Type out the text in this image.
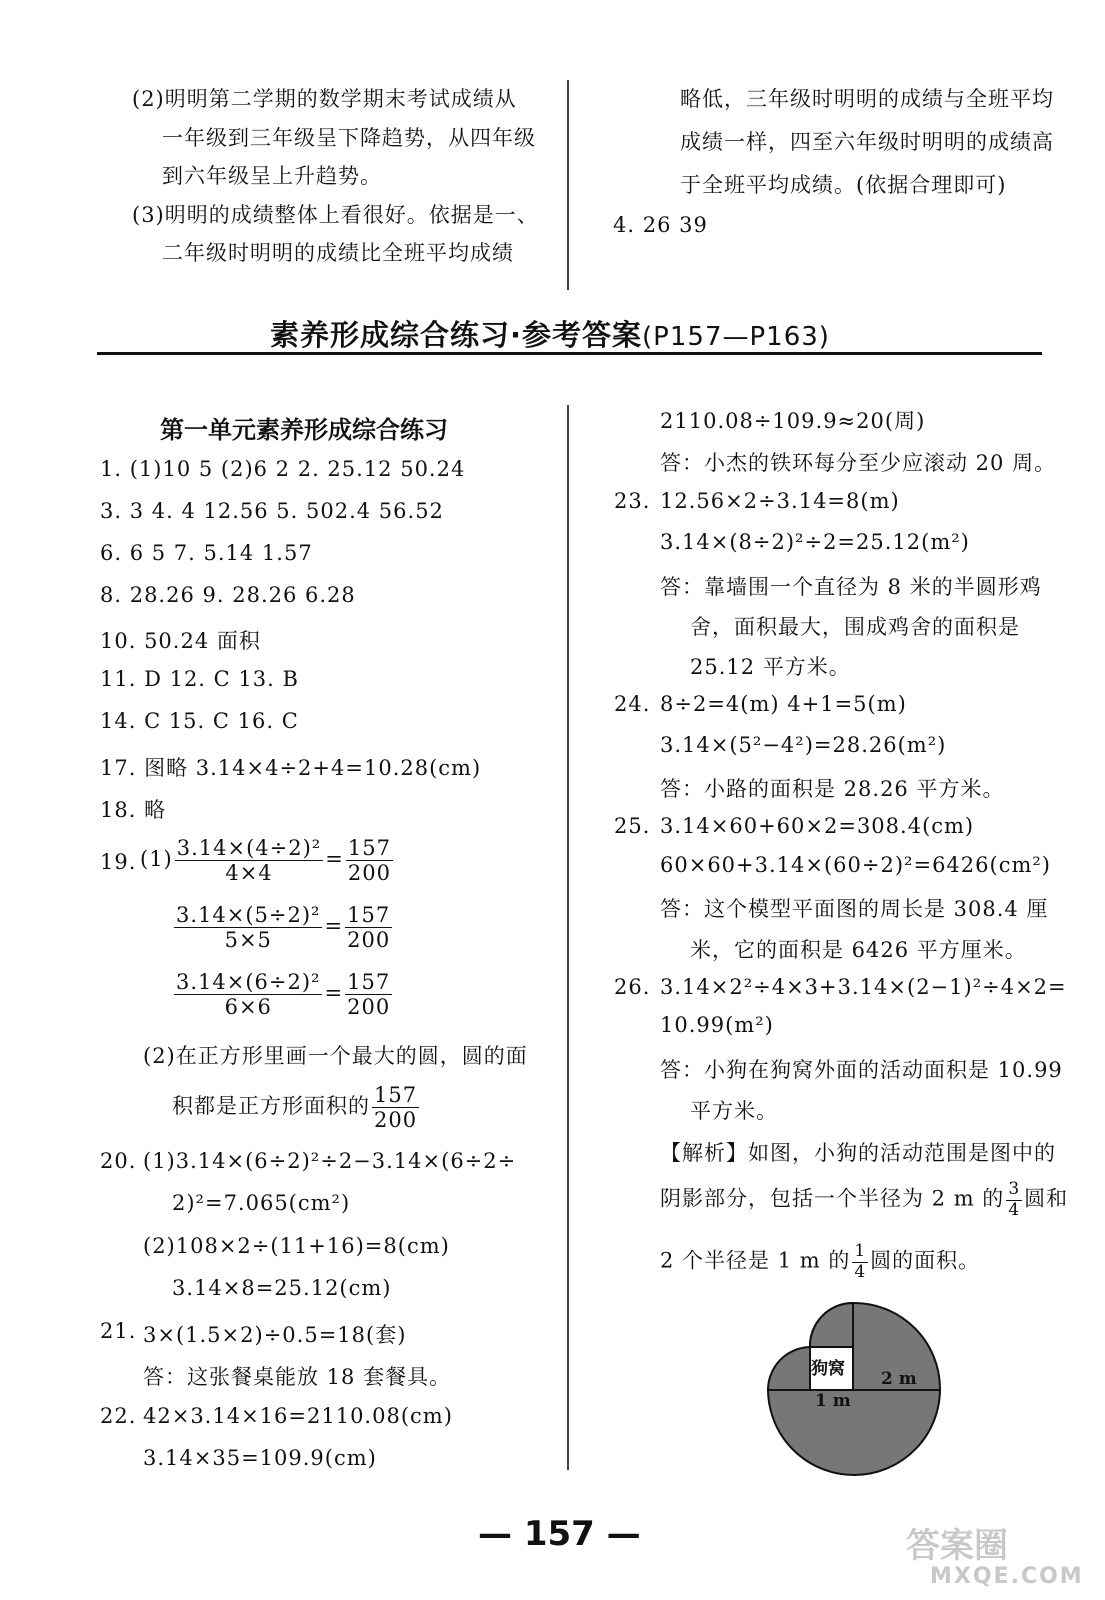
(2)明明第二学期的数学期末考试成绩从
一年级到三年级呈下降趋势，从四年级
到六年级呈上升趋势。
(3)明明的成绩整体上看很好。依据是一、
二年级时明明的成绩比全班平均成绩
略低，三年级时明明的成绩与全班平均
成绩一样，四至六年级时明明的成绩高
于全班平均成绩。(依据合理即可)
4. 26 39
素养形成综合练习·参考答案(P157—P163)
第一单元素养形成综合练习
1. (1)10 5 (2)6 2 2. 25.12 50.24
3. 3 4. 4 12.56 5. 502.4 56.52
6. 6 5 7. 5.14 1.57
8. 28.26 9. 28.26 6.28
10. 50.24 面积
11. D 12. C 13. B
14. C 15. C 16. C
17. 图略 3.14×4÷2+4=10.28(cm)
18. 略
19. $(1) \frac{\text{3.14×(4÷2)²}}{4\times 4} = \frac{157}{200}$
$\frac{\text{3.14×(5÷2)²}}{5\times 5} = \frac{157}{200}$
$\frac{\text{3.14×(6÷2)²}}{6\times 6} = \frac{157}{200}$
(2)在正方形里画一个最大的圆，圆的面
积都是正方形面积的 $\frac{157}{200}$
20. (1)3.14×(6÷2)²÷2−3.14×(6÷2÷
2)²=7.065(cm²)
(2)108×2÷(11+16)=8(cm)
3.14×8=25.12(cm)
21. 3×(1.5×2)÷0.5=18(套)
答：这张餐桌能放 18 套餐具。
22. 42×3.14×16=2110.08(cm)
3.14×35=109.9(cm)
2110.08÷109.9≈20(周)
答：小杰的铁环每分至少应滚动 20 周。
23. 12.56×2÷3.14=8(m)
3.14×(8÷2)²÷2=25.12(m²)
答：靠墙围一个直径为 8 米的半圆形鸡
舍，面积最大，围成鸡舍的面积是
25.12 平方米。
24. 8÷2=4(m) 4+1=5(m)
3.14×(5²−4²)=28.26(m²)
答：小路的面积是 28.26 平方米。
25. 3.14×60+60×2=308.4(cm)
60×60+3.14×(60÷2)²=6426(cm²)
答：这个模型平面图的周长是 308.4 厘
米，它的面积是 6426 平方厘米。
26. 3.14×2²÷4×3+3.14×(2−1)²÷4×2=
10.99(m²)
答：小狗在狗窝外面的活动面积是 10.99
平方米。
【解析】如图，小狗的活动范围是图中的
阴影部分，包括一个半径为 2 m 的 $\frac{3}{4}$ 圆和
2 个半径是 1 m 的 $\frac{1}{4}$ 圆的面积。
狗窝 2 m
1 m
— 157 —	答案圈
MXQE.COM
